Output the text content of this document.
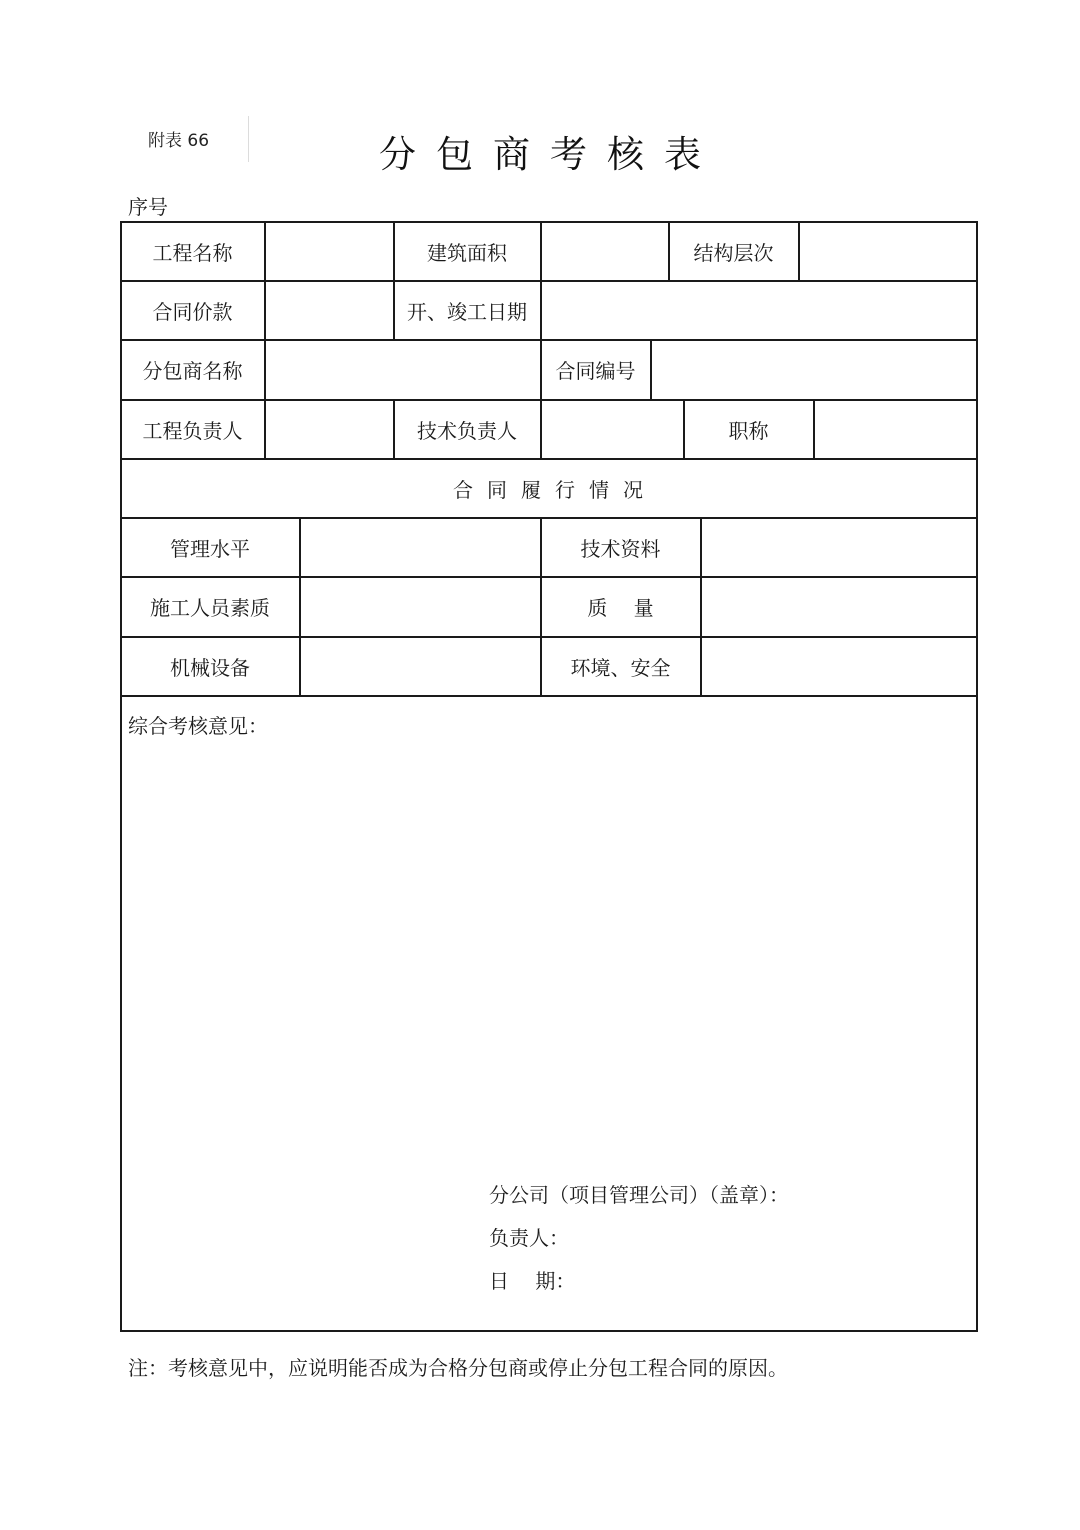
附表 66	分包商考核表
序号
工程名称	建筑面积	结构层次
合同价款	开、竣工日期
分包商名称	合同编号
工程负责人	技术负责人	职称
合同履行情况
管理水平	技术资料
施工人员素质	质 量
机械设备	环境、安全
综合考核意见：
分公司（项目管理公司）（盖章）：
负责人：
日 期：
注：考核意见中，应说明能否成为合格分包商或停止分包工程合同的原因。
